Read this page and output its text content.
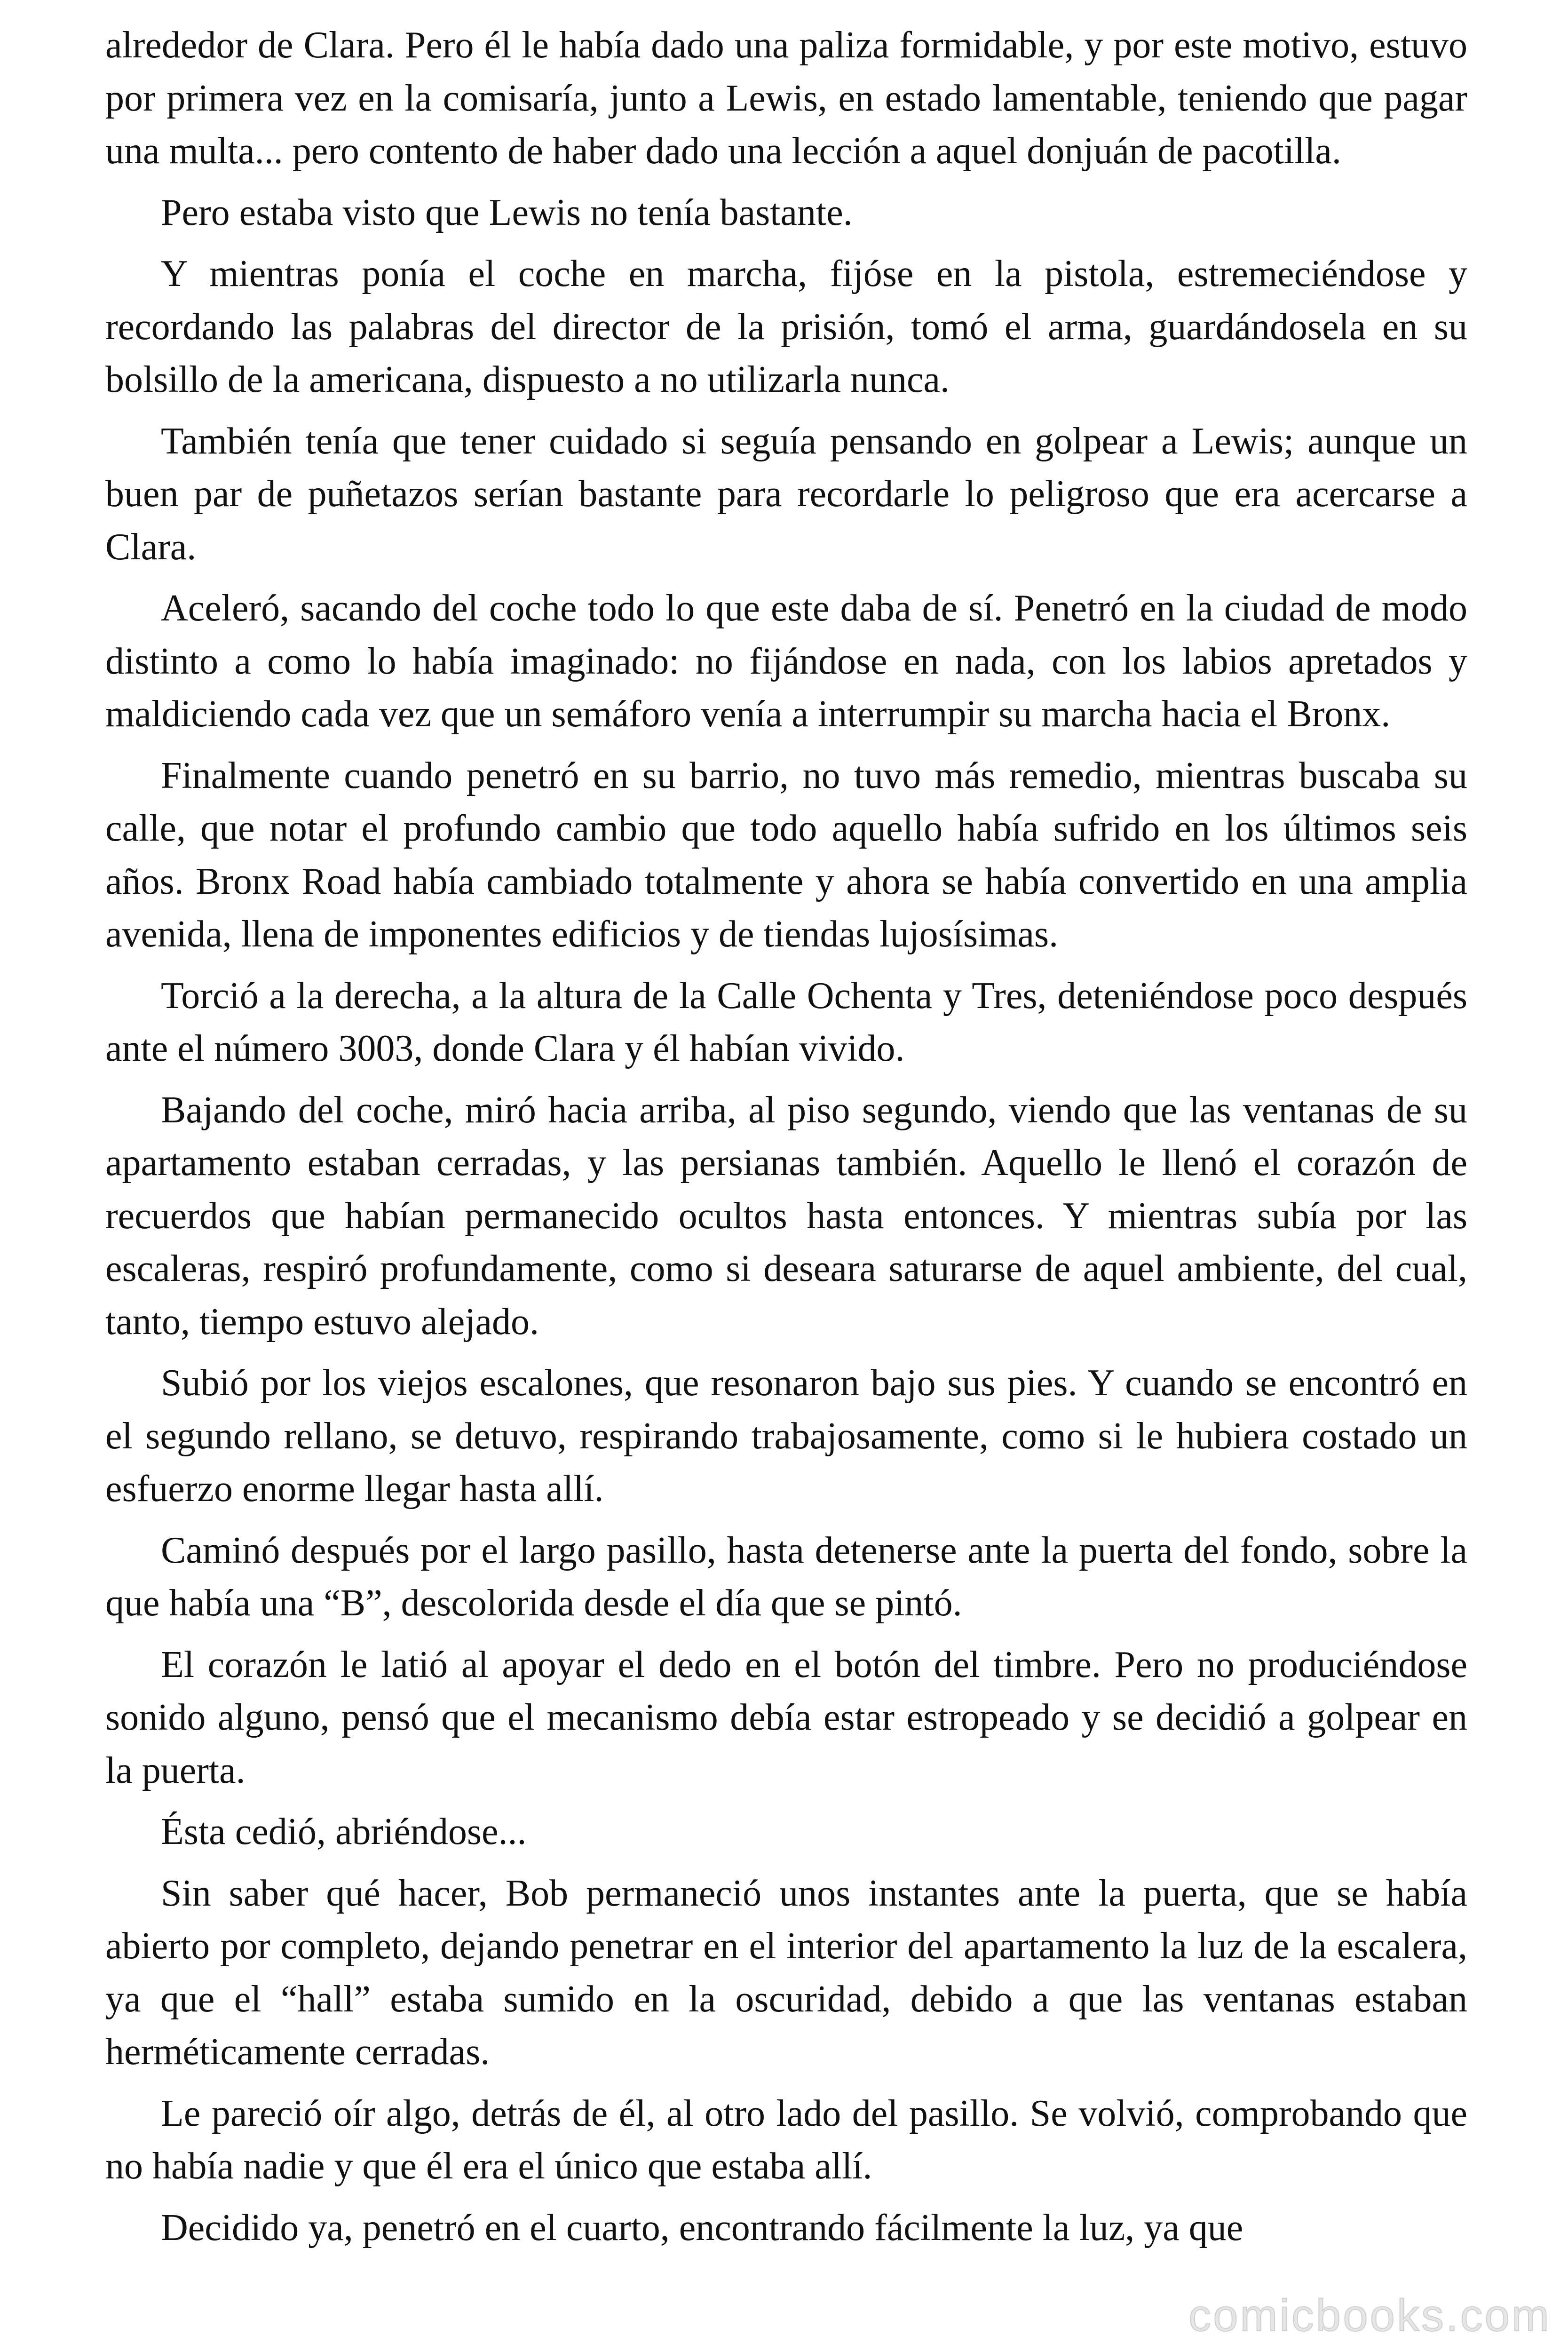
alrededor de Clara. Pero él le había dado una paliza formidable, y por este motivo, estuvo por primera vez en la comisaría, junto a Lewis, en estado lamentable, teniendo que pagar una multa... pero contento de haber dado una lección a aquel donjuán de pacotilla.

Pero estaba visto que Lewis no tenía bastante.

Y mientras ponía el coche en marcha, fijóse en la pistola, estremeciéndose y recordando las palabras del director de la prisión, tomó el arma, guardándosela en su bolsillo de la americana, dispuesto a no utilizarla nunca.

También tenía que tener cuidado si seguía pensando en golpear a Lewis; aunque un buen par de puñetazos serían bastante para recordarle lo peligroso que era acercarse a Clara.

Aceleró, sacando del coche todo lo que este daba de sí. Penetró en la ciudad de modo distinto a como lo había imaginado: no fijándose en nada, con los labios apretados y maldiciendo cada vez que un semáforo venía a interrumpir su marcha hacia el Bronx.

Finalmente cuando penetró en su barrio, no tuvo más remedio, mientras buscaba su calle, que notar el profundo cambio que todo aquello había sufrido en los últimos seis años. Bronx Road había cambiado totalmente y ahora se había convertido en una amplia avenida, llena de imponentes edificios y de tiendas lujosísimas.

Torció a la derecha, a la altura de la Calle Ochenta y Tres, deteniéndose poco después ante el número 3003, donde Clara y él habían vivido.

Bajando del coche, miró hacia arriba, al piso segundo, viendo que las ventanas de su apartamento estaban cerradas, y las persianas también. Aquello le llenó el corazón de recuerdos que habían permanecido ocultos hasta entonces. Y mientras subía por las escaleras, respiró profundamente, como si deseara saturarse de aquel ambiente, del cual, tanto, tiempo estuvo alejado.

Subió por los viejos escalones, que resonaron bajo sus pies. Y cuando se encontró en el segundo rellano, se detuvo, respirando trabajosamente, como si le hubiera costado un esfuerzo enorme llegar hasta allí.

Caminó después por el largo pasillo, hasta detenerse ante la puerta del fondo, sobre la que había una “B”, descolorida desde el día que se pintó.

El corazón le latió al apoyar el dedo en el botón del timbre. Pero no produciéndose sonido alguno, pensó que el mecanismo debía estar estropeado y se decidió a golpear en la puerta.

Ésta cedió, abriéndose...

Sin saber qué hacer, Bob permaneció unos instantes ante la puerta, que se había abierto por completo, dejando penetrar en el interior del apartamento la luz de la escalera, ya que el “hall” estaba sumido en la oscuridad, debido a que las ventanas estaban herméticamente cerradas.

Le pareció oír algo, detrás de él, al otro lado del pasillo. Se volvió, comprobando que no había nadie y que él era el único que estaba allí.

Decidido ya, penetró en el cuarto, encontrando fácilmente la luz, ya que

comicbooks.com
